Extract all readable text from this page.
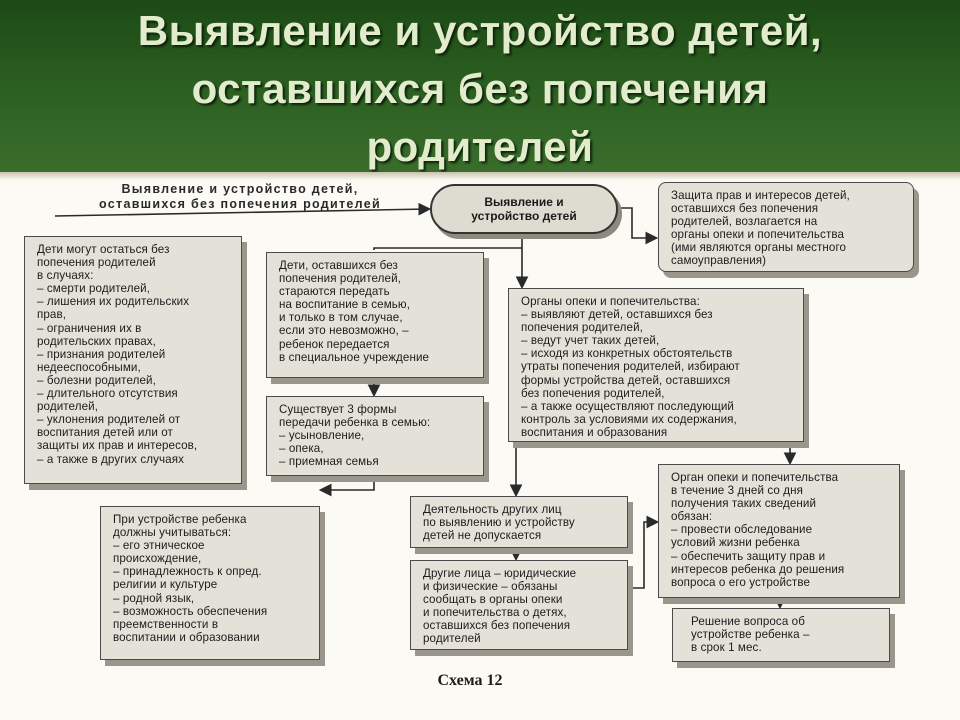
Выявление и устройство детей,
оставшихся без попечения
родителей
Выявление и устройство детей,
оставшихся без попечения родителей	Выявление и
устройство детей
Дети могут остаться без
попечения родителей
в случаях:
– смерти родителей,
– лишения их родительских
прав,
– ограничения их в
родительских правах,
– признания родителей
недееспособными,
– болезни родителей,
– длительного отсутствия
родителей,
– уклонения родителей от
воспитания детей или от
защиты их прав и интересов,
– а также в других случаях
Дети, оставшихся без
попечения родителей,
стараются передать
на воспитание в семью,
и только в том случае,
если это невозможно, –
ребенок передается
в специальное учреждение
Существует 3 формы
передачи ребенка в семью:
– усыновление,
– опека,
– приемная семья
При устройстве ребенка
должны учитываться:
– его этническое
происхождение,
– принадлежность к опред.
религии и культуре
– родной язык,
– возможность обеспечения
преемственности в
воспитании и образовании
Защита прав и интересов детей,
оставшихся без попечения
родителей, возлагается на
органы опеки и попечительства
(ими являются органы местного
самоуправления)
Органы опеки и попечительства:
– выявляют детей, оставшихся без
попечения родителей,
– ведут учет таких детей,
– исходя из конкретных обстоятельств
утраты попечения родителей, избирают
формы устройства детей, оставшихся
без попечения родителей,
– а также осуществляют последующий
контроль за условиями их содержания,
воспитания и образования
Деятельность других лиц
по выявлению и устройству
детей не допускается
Другие лица – юридические
и физические – обязаны
сообщать в органы опеки
и попечительства о детях,
оставшихся без попечения
родителей
Орган опеки и попечительства
в течение 3 дней со дня
получения таких сведений
обязан:
– провести обследование
условий жизни ребенка
– обеспечить защиту прав и
интересов ребенка до решения
вопроса о его устройстве
Решение вопроса об
устройстве ребенка –
в срок 1 мес.
Схема 12
